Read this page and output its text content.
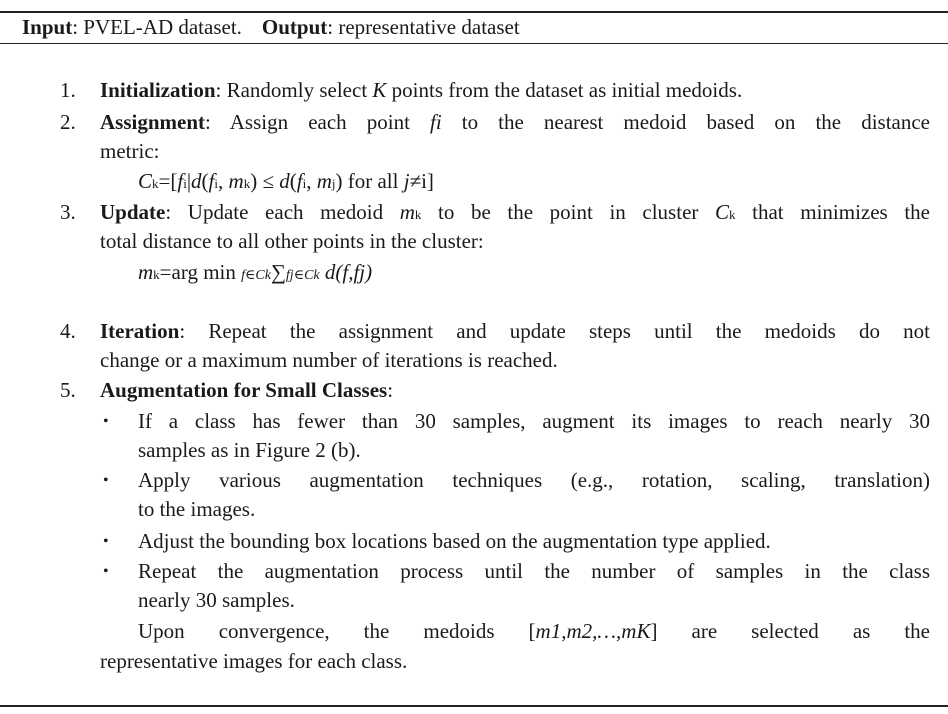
Input: PVEL-AD dataset. Output: representative dataset
1. Initialization: Randomly select K points from the dataset as initial medoids.
2. Assignment: Assign each point fi to the nearest medoid based on the distance
metric:
Ck=[fi|d(fi, mk) ≤ d(fi, mj) for all j≠i]
3. Update: Update each medoid mk to be the point in cluster Ck that minimizes the
total distance to all other points in the cluster:
mk=arg min f∈Ck∑fj∈Ck d(f,fj)
4. Iteration: Repeat the assignment and update steps until the medoids do not
change or a maximum number of iterations is reached.
5. Augmentation for Small Classes:
• If a class has fewer than 30 samples, augment its images to reach nearly 30
samples as in Figure 2 (b).
• Apply various augmentation techniques (e.g., rotation, scaling, translation)
to the images.
• Adjust the bounding box locations based on the augmentation type applied.
• Repeat the augmentation process until the number of samples in the class
nearly 30 samples.
Upon convergence, the medoids [m1,m2,…,mK] are selected as the
representative images for each class.
